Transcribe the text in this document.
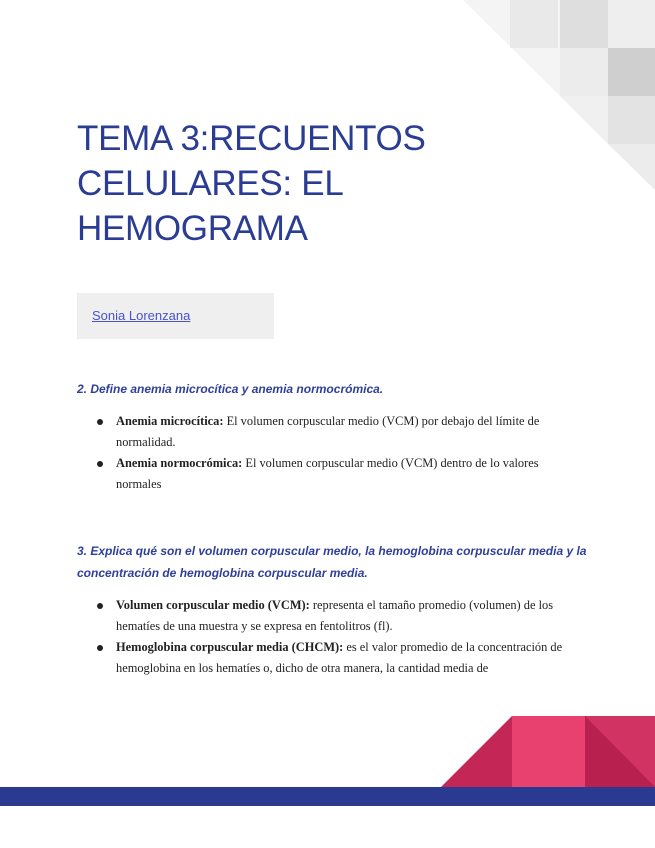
TEMA 3:RECUENTOS CELULARES: EL HEMOGRAMA
Sonia Lorenzana

2. Define anemia microcítica y anemia normocrómica.

Anemia microcítica: El volumen corpuscular medio (VCM) por debajo del límite de normalidad.
Anemia normocrómica: El volumen corpuscular medio (VCM) dentro de lo valores normales

3. Explica qué son el volumen corpuscular medio, la hemoglobina corpuscular media y la concentración de hemoglobina corpuscular media.

Volumen corpuscular medio (VCM): representa el tamaño promedio (volumen) de los hematíes de una muestra y se expresa en fentolitros (fl).
Hemoglobina corpuscular media (CHCM): es el valor promedio de la concentración de hemoglobina en los hematíes o, dicho de otra manera, la cantidad media de
